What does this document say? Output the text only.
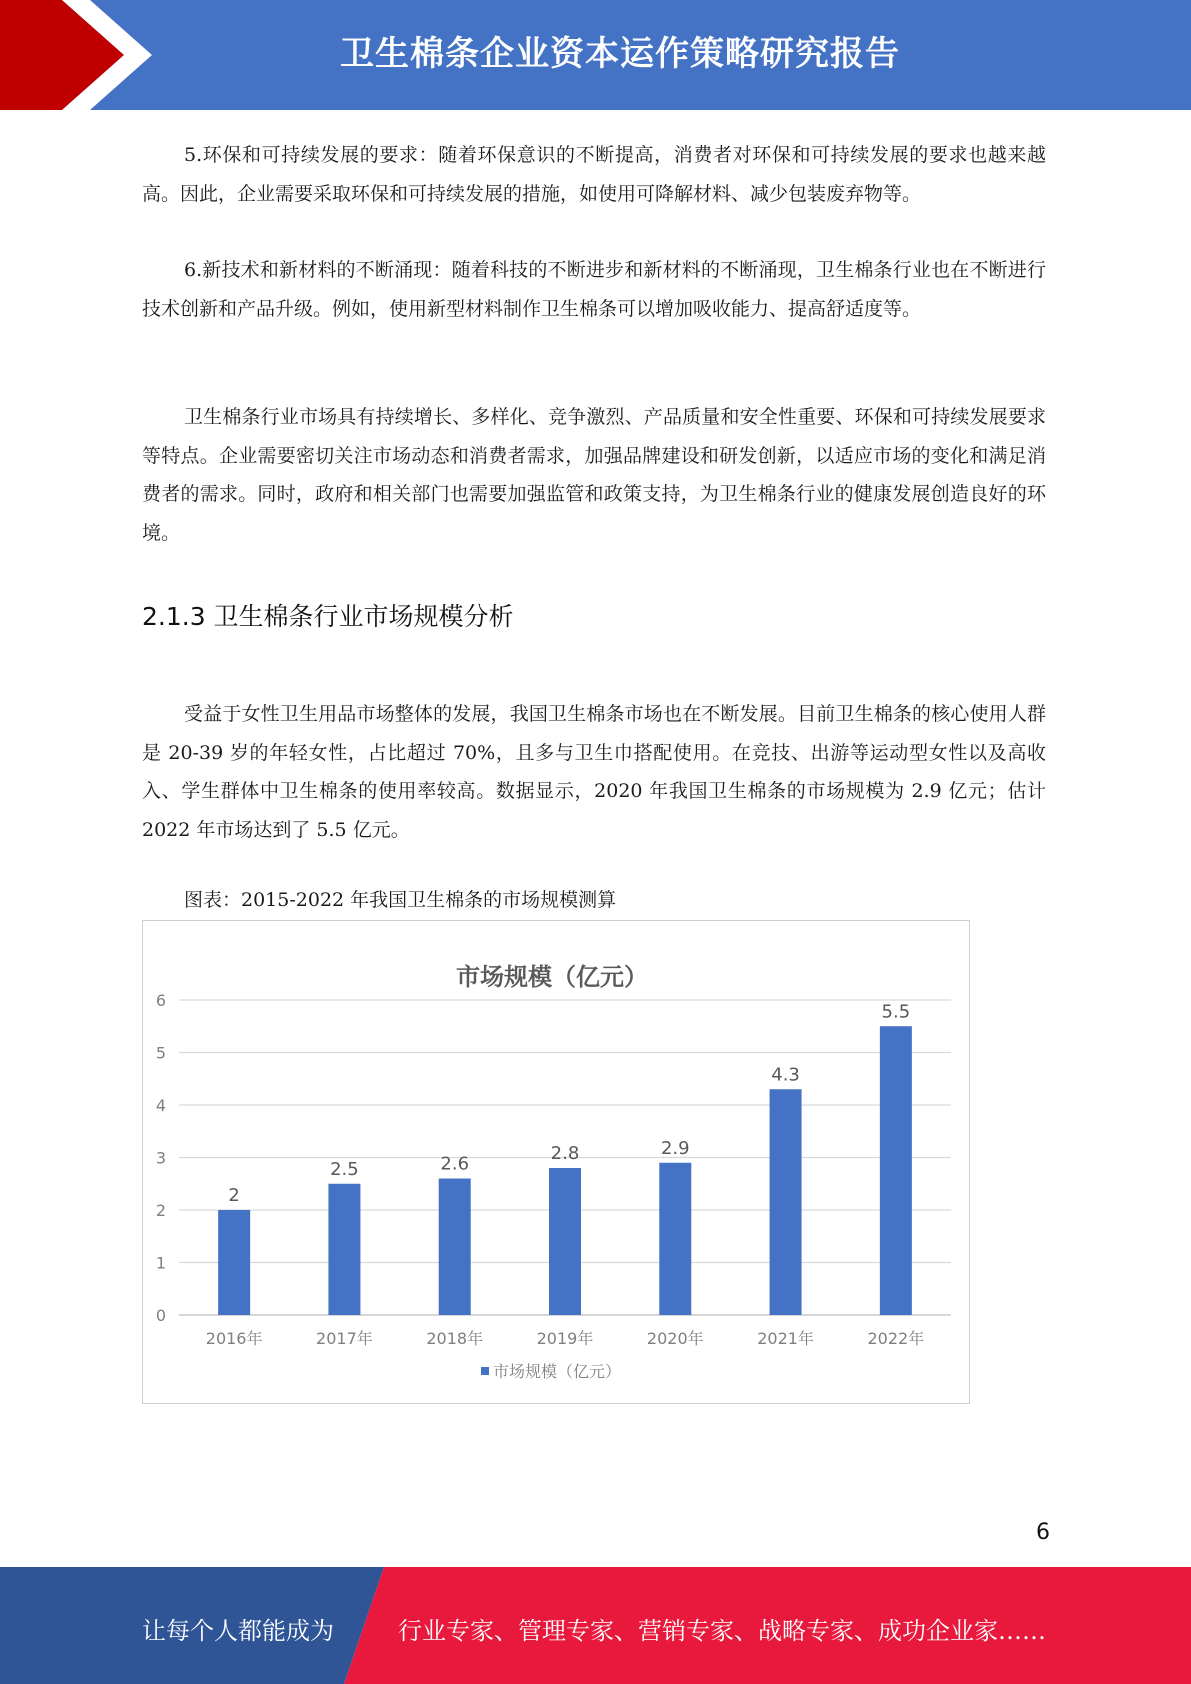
卫生棉条企业资本运作策略研究报告

5.环保和可持续发展的要求：随着环保意识的不断提高，消费者对环保和可持续发展的要求也越来越高。因此，企业需要采取环保和可持续发展的措施，如使用可降解材料、减少包装废弃物等。

6.新技术和新材料的不断涌现：随着科技的不断进步和新材料的不断涌现，卫生棉条行业也在不断进行技术创新和产品升级。例如，使用新型材料制作卫生棉条可以增加吸收能力、提高舒适度等。

卫生棉条行业市场具有持续增长、多样化、竞争激烈、产品质量和安全性重要、环保和可持续发展要求等特点。企业需要密切关注市场动态和消费者需求，加强品牌建设和研发创新，以适应市场的变化和满足消费者的需求。同时，政府和相关部门也需要加强监管和政策支持，为卫生棉条行业的健康发展创造良好的环境。

2.1.3 卫生棉条行业市场规模分析

受益于女性卫生用品市场整体的发展，我国卫生棉条市场也在不断发展。目前卫生棉条的核心使用人群是 20-39 岁的年轻女性，占比超过 70%，且多与卫生巾搭配使用。在竞技、出游等运动型女性以及高收入、学生群体中卫生棉条的使用率较高。数据显示，2020 年我国卫生棉条的市场规模为 2.9 亿元；估计 2022 年市场达到了 5.5 亿元。

图表：2015-2022 年我国卫生棉条的市场规模测算
市场规模（亿元）
2
2.5	2.6	2.8	2.9
4.3
5.5
2016年	2017年	2018年	2019年	2020年	2021年	2022年
0
1
2
3
4
5
6
市场规模（亿元）
6
让每个人都能成为	行业专家、管理专家、营销专家、战略专家、成功企业家……
